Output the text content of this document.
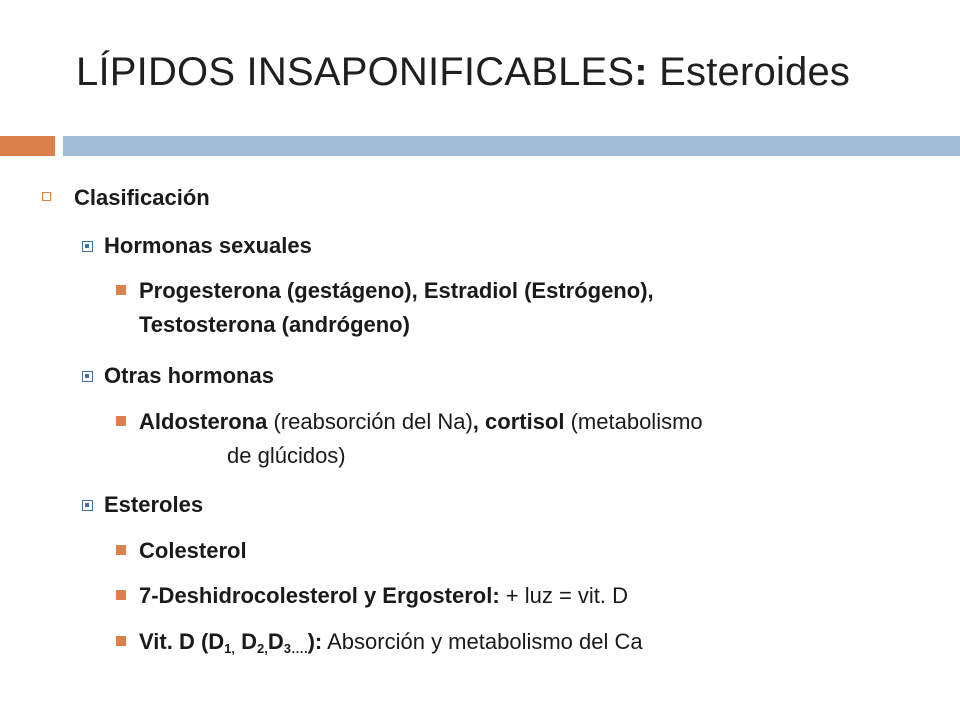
LÍPIDOS INSAPONIFICABLES: Esteroides
Clasificación
Hormonas sexuales
Progesterona (gestágeno), Estradiol (Estrógeno),
Testosterona (andrógeno)
Otras hormonas
Aldosterona (reabsorción del Na), cortisol (metabolismo
de glúcidos)
Esteroles
Colesterol
7-Deshidrocolesterol y Ergosterol: + luz = vit. D
Vit. D ($D_{1,}$ $D_{2,}D_{3\dots.}$): Absorción y metabolismo del Ca
